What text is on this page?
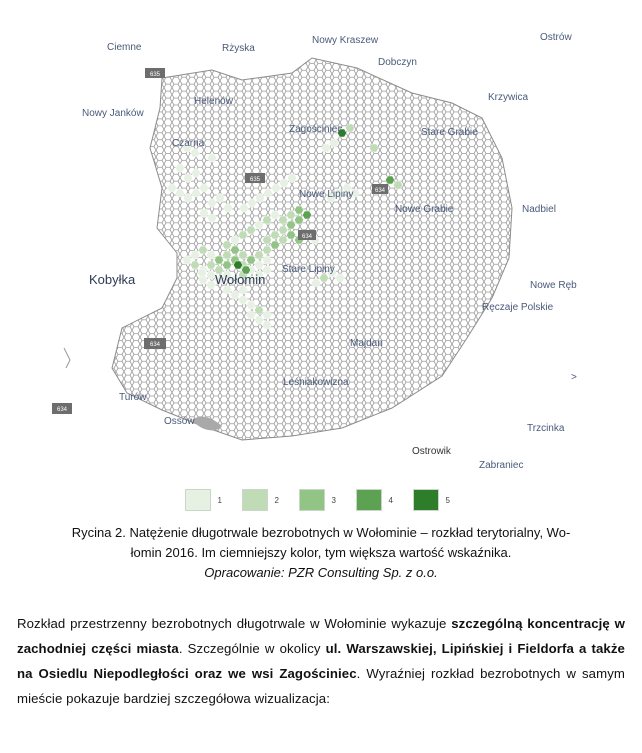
635
635
634
634
634
634
Ciemne	Rżyska
Nowy Kraszew	Ostrów
Dobczyn
Nowy Janków
Helenów	Krzywica
Zagościniec
Czarna
Stare Grabie
Nowe Lipiny
Nowe Grabie	Nadbiel
Stare Lipiny
Kobyłka	Wołomin	Nowe Ręb
Ręczaje Polskie
Majdan
Leśniakowizna
Turów
Ossów
Trzcinka
Ostrowik
Zabraniec
˃
1	2	3	4	5
Rycina 2. Natężenie długotrwale bezrobotnych w Wołominie – rozkład terytorialny, Wo-
łomin 2016. Im ciemniejszy kolor, tym większa wartość wskaźnika.
Opracowanie: PZR Consulting Sp. z o.o.
Rozkład przestrzenny bezrobotnych długotrwale w Wołominie wykazuje szczególną koncentrację w zachodniej części miasta. Szczególnie w okolicy ul. Warszawskiej, Lipińskiej i Fieldorfa a także na Osiedlu Niepodległości oraz we wsi Zagościniec. Wyraźniej rozkład bezrobotnych w samym mieście pokazuje bardziej szczegółowa wizualizacja:
